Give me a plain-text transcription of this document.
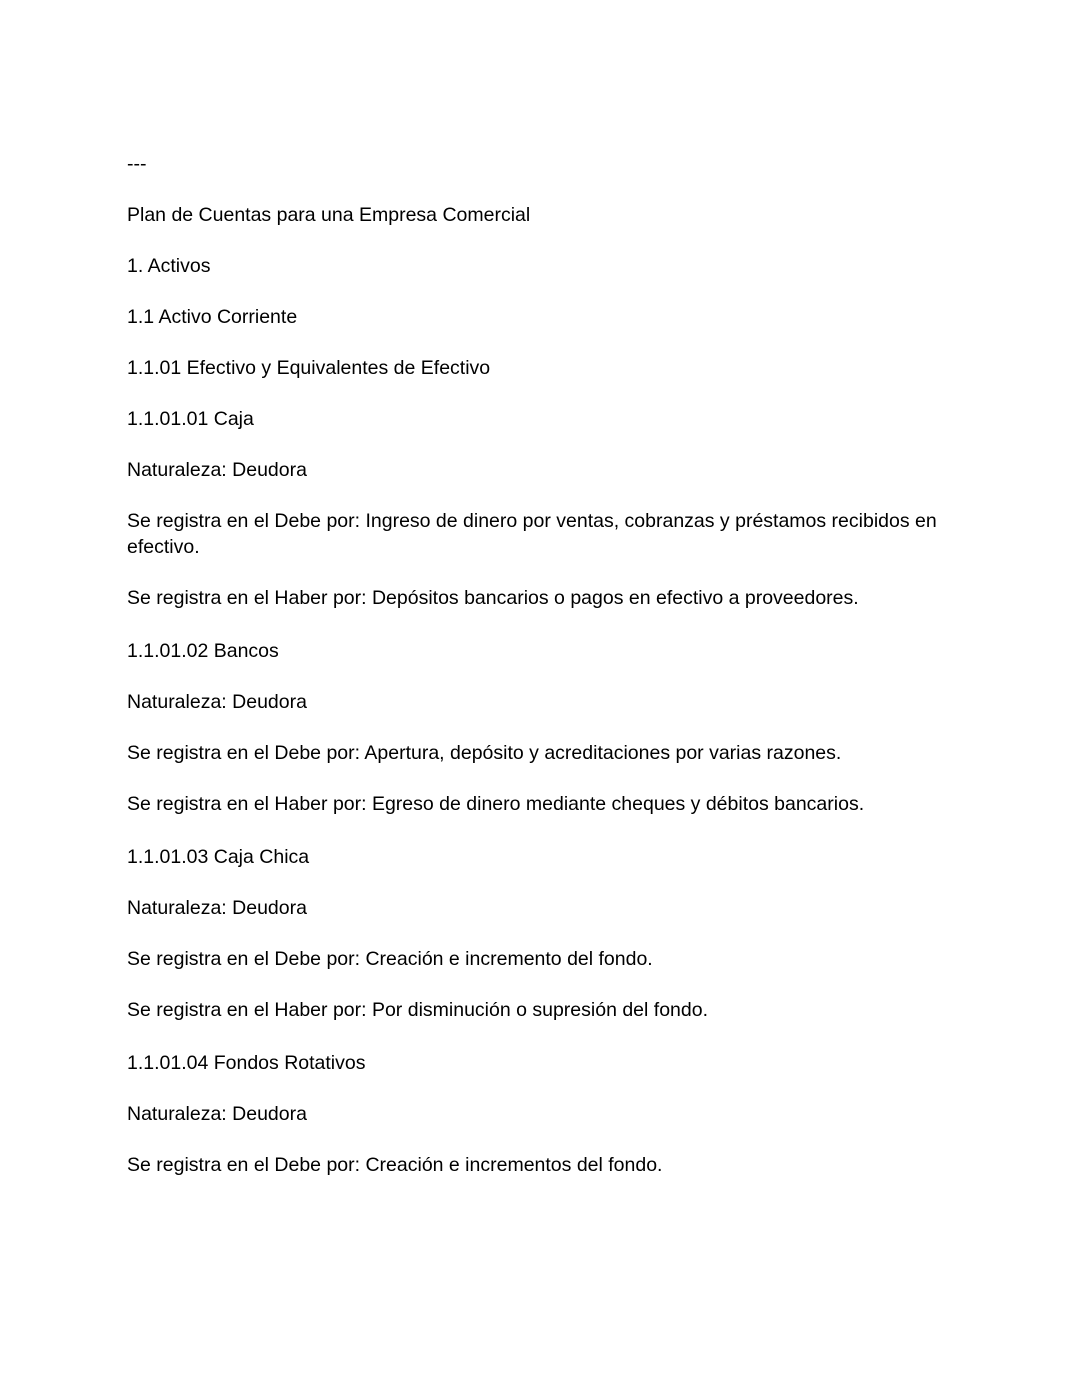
---

Plan de Cuentas para una Empresa Comercial

1. Activos

1.1 Activo Corriente

1.1.01 Efectivo y Equivalentes de Efectivo

1.1.01.01 Caja

Naturaleza: Deudora

Se registra en el Debe por: Ingreso de dinero por ventas, cobranzas y préstamos recibidos en efectivo.

Se registra en el Haber por: Depósitos bancarios o pagos en efectivo a proveedores.

1.1.01.02 Bancos

Naturaleza: Deudora

Se registra en el Debe por: Apertura, depósito y acreditaciones por varias razones.

Se registra en el Haber por: Egreso de dinero mediante cheques y débitos bancarios.

1.1.01.03 Caja Chica

Naturaleza: Deudora

Se registra en el Debe por: Creación e incremento del fondo.

Se registra en el Haber por: Por disminución o supresión del fondo.

1.1.01.04 Fondos Rotativos

Naturaleza: Deudora

Se registra en el Debe por: Creación e incrementos del fondo.
